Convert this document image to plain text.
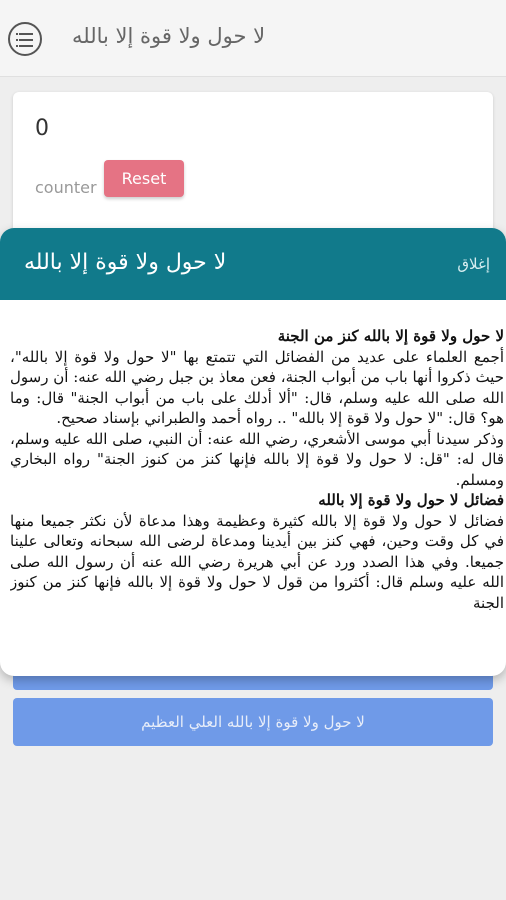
لا حول ولا قوة إلا بالله
0
counter	Reset
لا حول ولا قوة إلا بالله العلي العظيم
لا حول ولا قوة إلا بالله	إغلاق

لا حول ولا قوة إلا بالله كنز من الجنة

أجمع العلماء على عديد من الفضائل التي تتمتع بها "لا حول ولا قوة إلا بالله"، حيث ذكروا أنها باب من أبواب الجنة، فعن معاذ بن جبل رضي الله عنه: أن رسول الله صلى الله عليه وسلم، قال: "ألا أدلك على باب من أبواب الجنة" قال: وما هو؟ قال: "لا حول ولا قوة إلا بالله" .. رواه أحمد والطبراني بإسناد صحيح.

وذكر سيدنا أبي موسى الأشعري، رضي الله عنه: أن النبي، صلى الله عليه وسلم، قال له: "قل: لا حول ولا قوة إلا بالله فإنها كنز من كنوز الجنة" رواه البخاري ومسلم.

فضائل لا حول ولا قوة إلا بالله

فضائل لا حول ولا قوة إلا بالله كثيرة وعظيمة وهذا مدعاة لأن نكثر جميعا منها في كل وقت وحين، فهي كنز بين أيدينا ومدعاة لرضى الله سبحانه وتعالى علينا جميعا. وفي هذا الصدد ورد عن أبي هريرة رضي الله عنه أن رسول الله صلى الله عليه وسلم قال: أكثروا من قول لا حول ولا قوة إلا بالله فإنها كنز من كنوز الجنة
